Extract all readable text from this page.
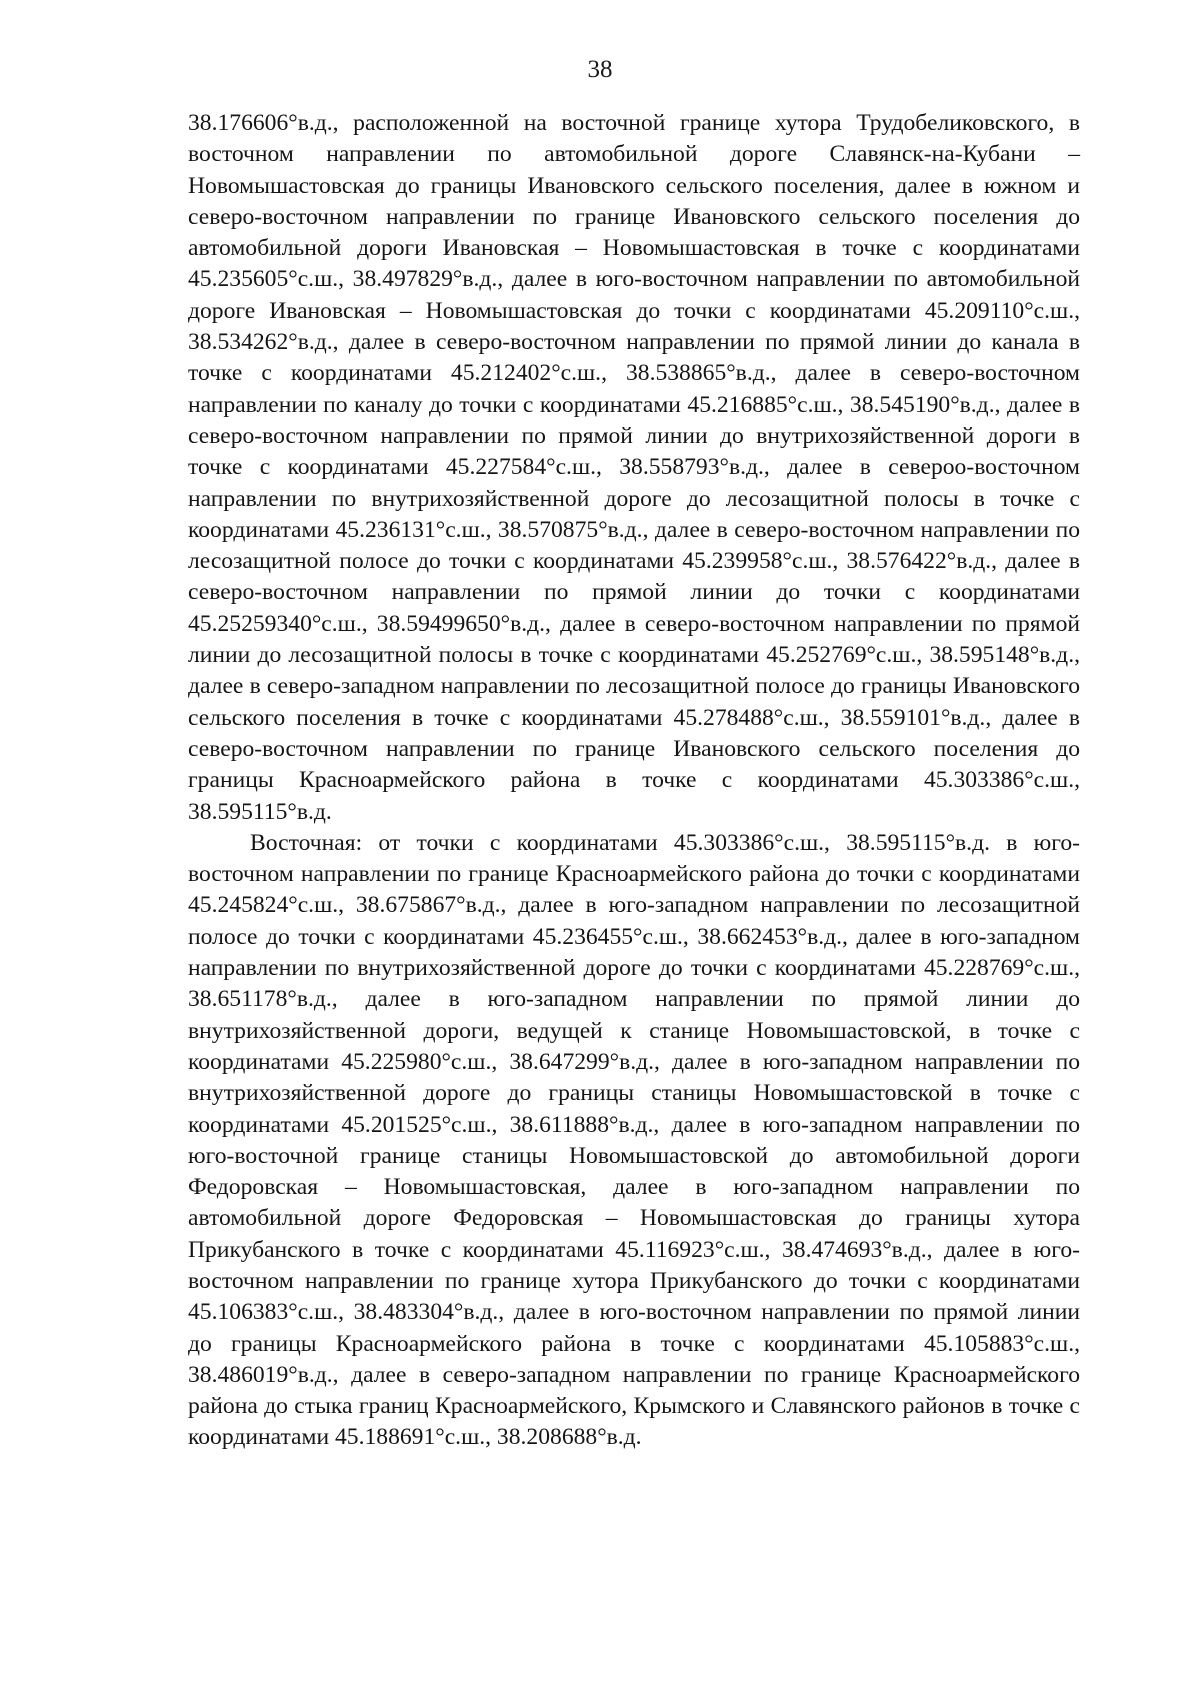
38

38.176606°в.д., расположенной на восточной границе хутора Трудобеликовского, в восточном направлении по автомобильной дороге Славянск-на-Кубани – Новомышастовская до границы Ивановского сельского поселения, далее в южном и северо-восточном направлении по границе Ивановского сельского поселения до автомобильной дороги Ивановская – Новомышастовская в точке с координатами 45.235605°с.ш., 38.497829°в.д., далее в юго-восточном направлении по автомобильной дороге Ивановская – Новомышастовская до точки с координатами 45.209110°с.ш., 38.534262°в.д., далее в северо-восточном направлении по прямой линии до канала в точке с координатами 45.212402°с.ш., 38.538865°в.д., далее в северо-восточном направлении по каналу до точки с координатами 45.216885°с.ш., 38.545190°в.д., далее в северо-восточном направлении по прямой линии до внутрихозяйственной дороги в точке с координатами 45.227584°с.ш., 38.558793°в.д., далее в североо-восточном направлении по внутрихозяйственной дороге до лесозащитной полосы в точке с координатами 45.236131°с.ш., 38.570875°в.д., далее в северо-восточном направлении по лесозащитной полосе до точки с координатами 45.239958°с.ш., 38.576422°в.д., далее в северо-восточном направлении по прямой линии до точки с координатами 45.25259340°с.ш., 38.59499650°в.д., далее в северо-восточном направлении по прямой линии до лесозащитной полосы в точке с координатами 45.252769°с.ш., 38.595148°в.д., далее в северо-западном направлении по лесозащитной полосе до границы Ивановского сельского поселения в точке с координатами 45.278488°с.ш., 38.559101°в.д., далее в северо-восточном направлении по границе Ивановского сельского поселения до границы Красноармейского района в точке с координатами 45.303386°с.ш., 38.595115°в.д.

Восточная: от точки с координатами 45.303386°с.ш., 38.595115°в.д. в юго-восточном направлении по границе Красноармейского района до точки с координатами 45.245824°с.ш., 38.675867°в.д., далее в юго-западном направлении по лесозащитной полосе до точки с координатами 45.236455°с.ш., 38.662453°в.д., далее в юго-западном направлении по внутрихозяйственной дороге до точки с координатами 45.228769°с.ш., 38.651178°в.д., далее в юго-западном направлении по прямой линии до внутрихозяйственной дороги, ведущей к станице Новомышастовской, в точке с координатами 45.225980°с.ш., 38.647299°в.д., далее в юго-западном направлении по внутрихозяйственной дороге до границы станицы Новомышастовской в точке с координатами 45.201525°с.ш., 38.611888°в.д., далее в юго-западном направлении по юго-восточной границе станицы Новомышастовской до автомобильной дороги Федоровская – Новомышастовская, далее в юго-западном направлении по автомобильной дороге Федоровская – Новомышастовская до границы хутора Прикубанского в точке с координатами 45.116923°с.ш., 38.474693°в.д., далее в юго-восточном направлении по границе хутора Прикубанского до точки с координатами 45.106383°с.ш., 38.483304°в.д., далее в юго-восточном направлении по прямой линии до границы Красноармейского района в точке с координатами 45.105883°с.ш., 38.486019°в.д., далее в северо-западном направлении по границе Красноармейского района до стыка границ Красноармейского, Крымского и Славянского районов в точке с координатами 45.188691°с.ш., 38.208688°в.д.
